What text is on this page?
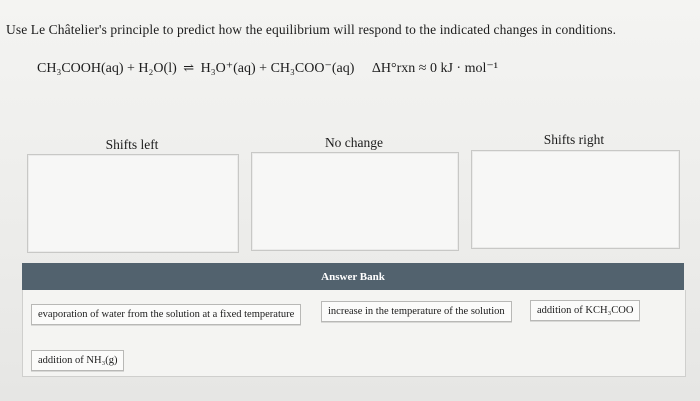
Use Le Châtelier's principle to predict how the equilibrium will respond to the indicated changes in conditions.
CH₃COOH(aq) + H₂O(l) ⇌ H₃O⁺(aq) + CH₃COO⁻(aq) ΔH°rxn ≈ 0 kJ · mol⁻¹
Shifts left	No change	Shifts right
Answer Bank
evaporation of water from the solution at a fixed temperature	increase in the temperature of the solution	addition of KCH₃COO
addition of NH₃(g)
